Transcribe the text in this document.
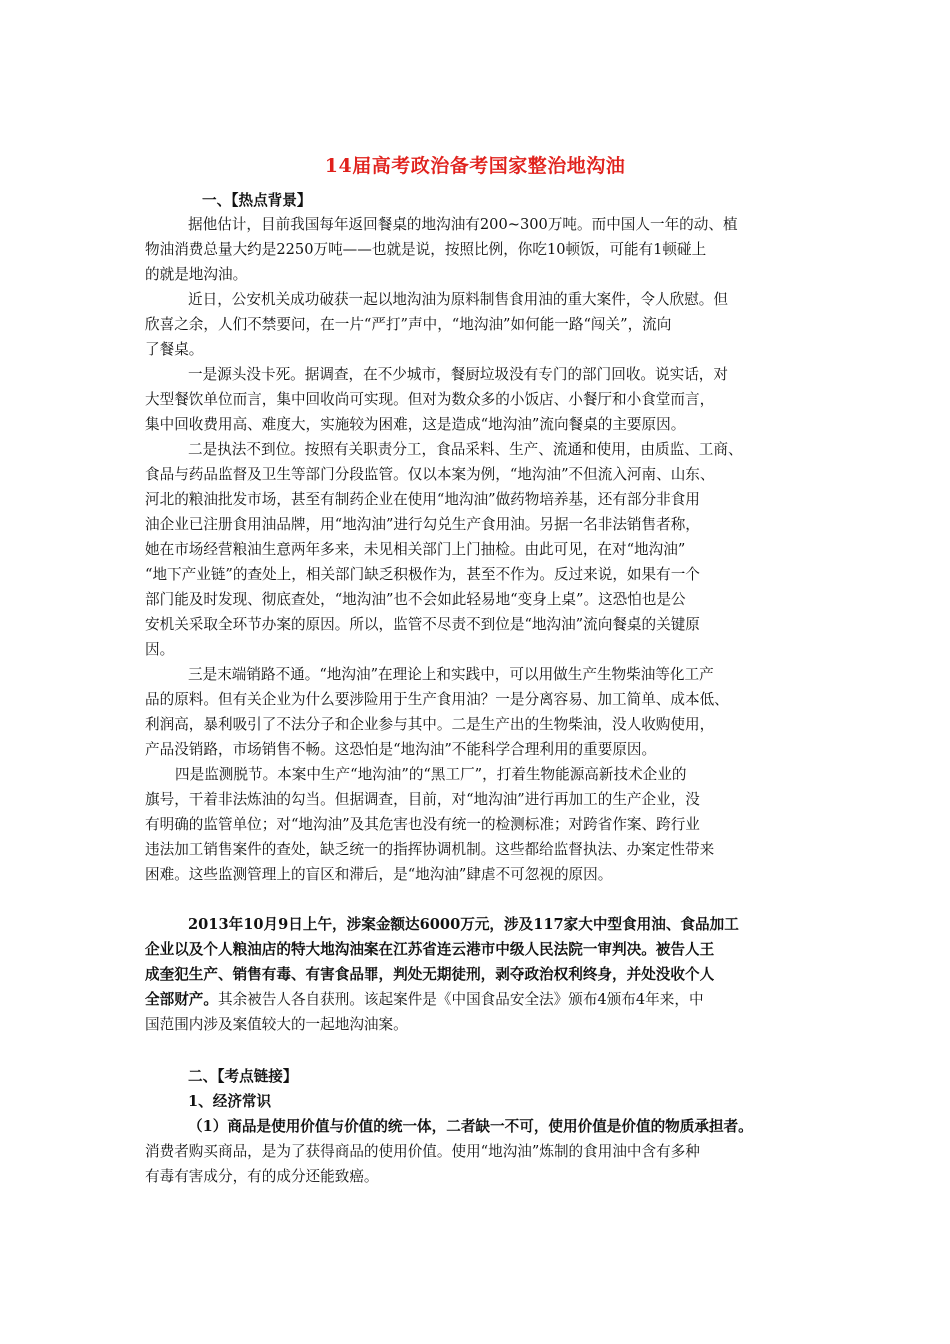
14届高考政治备考国家整治地沟油
一、【热点背景】
据他估计，目前我国每年返回餐桌的地沟油有200~300万吨。而中国人一年的动、植
物油消费总量大约是2250万吨——也就是说，按照比例，你吃10顿饭，可能有1顿碰上
的就是地沟油。
近日，公安机关成功破获一起以地沟油为原料制售食用油的重大案件，令人欣慰。但
欣喜之余，人们不禁要问，在一片“严打”声中，“地沟油”如何能一路“闯关”，流向
了餐桌。
一是源头没卡死。据调查，在不少城市，餐厨垃圾没有专门的部门回收。说实话，对
大型餐饮单位而言，集中回收尚可实现。但对为数众多的小饭店、小餐厅和小食堂而言，
集中回收费用高、难度大，实施较为困难，这是造成“地沟油”流向餐桌的主要原因。
二是执法不到位。按照有关职责分工，食品采料、生产、流通和使用，由质监、工商、
食品与药品监督及卫生等部门分段监管。仅以本案为例，“地沟油”不但流入河南、山东、
河北的粮油批发市场，甚至有制药企业在使用“地沟油”做药物培养基，还有部分非食用
油企业已注册食用油品牌，用“地沟油”进行勾兑生产食用油。另据一名非法销售者称，
她在市场经营粮油生意两年多来，未见相关部门上门抽检。由此可见，在对“地沟油”
“地下产业链”的查处上，相关部门缺乏积极作为，甚至不作为。反过来说，如果有一个
部门能及时发现、彻底查处，“地沟油”也不会如此轻易地“变身上桌”。这恐怕也是公
安机关采取全环节办案的原因。所以，监管不尽责不到位是“地沟油”流向餐桌的关键原
因。
三是末端销路不通。“地沟油”在理论上和实践中，可以用做生产生物柴油等化工产
品的原料。但有关企业为什么要涉险用于生产食用油？一是分离容易、加工简单、成本低、
利润高，暴利吸引了不法分子和企业参与其中。二是生产出的生物柴油，没人收购使用，
产品没销路，市场销售不畅。这恐怕是“地沟油”不能科学合理利用的重要原因。
四是监测脱节。本案中生产“地沟油”的“黑工厂”，打着生物能源高新技术企业的
旗号，干着非法炼油的勾当。但据调查，目前，对“地沟油”进行再加工的生产企业，没
有明确的监管单位；对“地沟油”及其危害也没有统一的检测标准；对跨省作案、跨行业
违法加工销售案件的查处，缺乏统一的指挥协调机制。这些都给监督执法、办案定性带来
困难。这些监测管理上的盲区和滞后，是“地沟油”肆虐不可忽视的原因。
2013年10月9日上午，涉案金额达6000万元，涉及117家大中型食用油、食品加工
企业以及个人粮油店的特大地沟油案在江苏省连云港市中级人民法院一审判决。被告人王
成奎犯生产、销售有毒、有害食品罪，判处无期徒刑，剥夺政治权利终身，并处没收个人
全部财产。其余被告人各自获刑。该起案件是《中国食品安全法》颁布4颁布4年来，中
国范围内涉及案值较大的一起地沟油案。
二、【考点链接】
1、经济常识
（1）商品是使用价值与价值的统一体，二者缺一不可，使用价值是价值的物质承担者。
消费者购买商品，是为了获得商品的使用价值。使用“地沟油”炼制的食用油中含有多种
有毒有害成分，有的成分还能致癌。
